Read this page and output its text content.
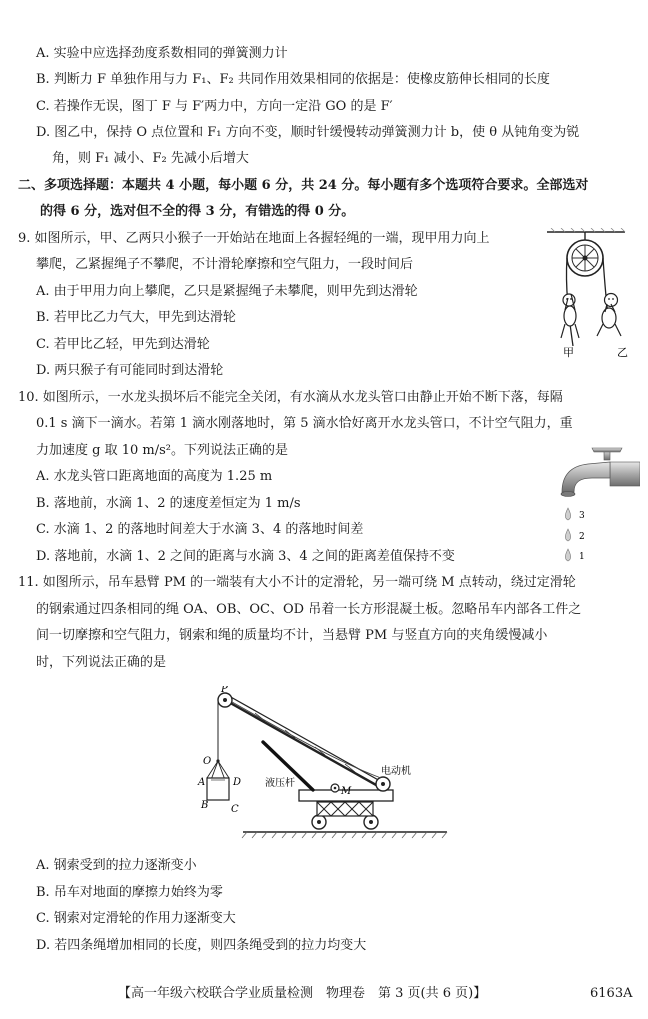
A. 实验中应选择劲度系数相同的弹簧测力计
B. 判断力 F 单独作用与力 F₁、F₂ 共同作用效果相同的依据是：使橡皮筋伸长相同的长度
C. 若操作无误，图丁 F 与 F′两力中，方向一定沿 GO 的是 F′
D. 图乙中，保持 O 点位置和 F₁ 方向不变，顺时针缓慢转动弹簧测力计 b，使 θ 从钝角变为锐
角，则 F₁ 减小、F₂ 先减小后增大
二、多项选择题：本题共 4 小题，每小题 6 分，共 24 分。每小题有多个选项符合要求。全部选对
的得 6 分，选对但不全的得 3 分，有错选的得 0 分。
9. 如图所示，甲、乙两只小猴子一开始站在地面上各握轻绳的一端，现甲用力向上
攀爬，乙紧握绳子不攀爬，不计滑轮摩擦和空气阻力，一段时间后
A. 由于甲用力向上攀爬，乙只是紧握绳子未攀爬，则甲先到达滑轮
B. 若甲比乙力气大，甲先到达滑轮
C. 若甲比乙轻，甲先到达滑轮
D. 两只猴子有可能同时到达滑轮
甲	乙
10. 如图所示，一水龙头损坏后不能完全关闭，有水滴从水龙头管口由静止开始不断下落，每隔
0.1 s 滴下一滴水。若第 1 滴水刚落地时，第 5 滴水恰好离开水龙头管口，不计空气阻力，重
力加速度 g 取 10 m/s²。下列说法正确的是
A. 水龙头管口距离地面的高度为 1.25 m
B. 落地前，水滴 1、2 的速度差恒定为 1 m/s
C. 水滴 1、2 的落地时间差大于水滴 3、4 的落地时间差
D. 落地前，水滴 1、2 之间的距离与水滴 3、4 之间的距离差值保持不变
3
2
1
11. 如图所示，吊车悬臂 PM 的一端装有大小不计的定滑轮，另一端可绕 M 点转动，绕过定滑轮
的钢索通过四条相同的绳 OA、OB、OC、OD 吊着一长方形混凝土板。忽略吊车内部各工件之
间一切摩擦和空气阻力，钢索和绳的质量均不计，当悬臂 PM 与竖直方向的夹角缓慢减小
时，下列说法正确的是
P
O
A	D
B C
M
电动机
液压杆
A. 钢索受到的拉力逐渐变小
B. 吊车对地面的摩擦力始终为零
C. 钢索对定滑轮的作用力逐渐变大
D. 若四条绳增加相同的长度，则四条绳受到的拉力均变大
【高一年级六校联合学业质量检测　物理卷　第 3 页(共 6 页)】	6163A
